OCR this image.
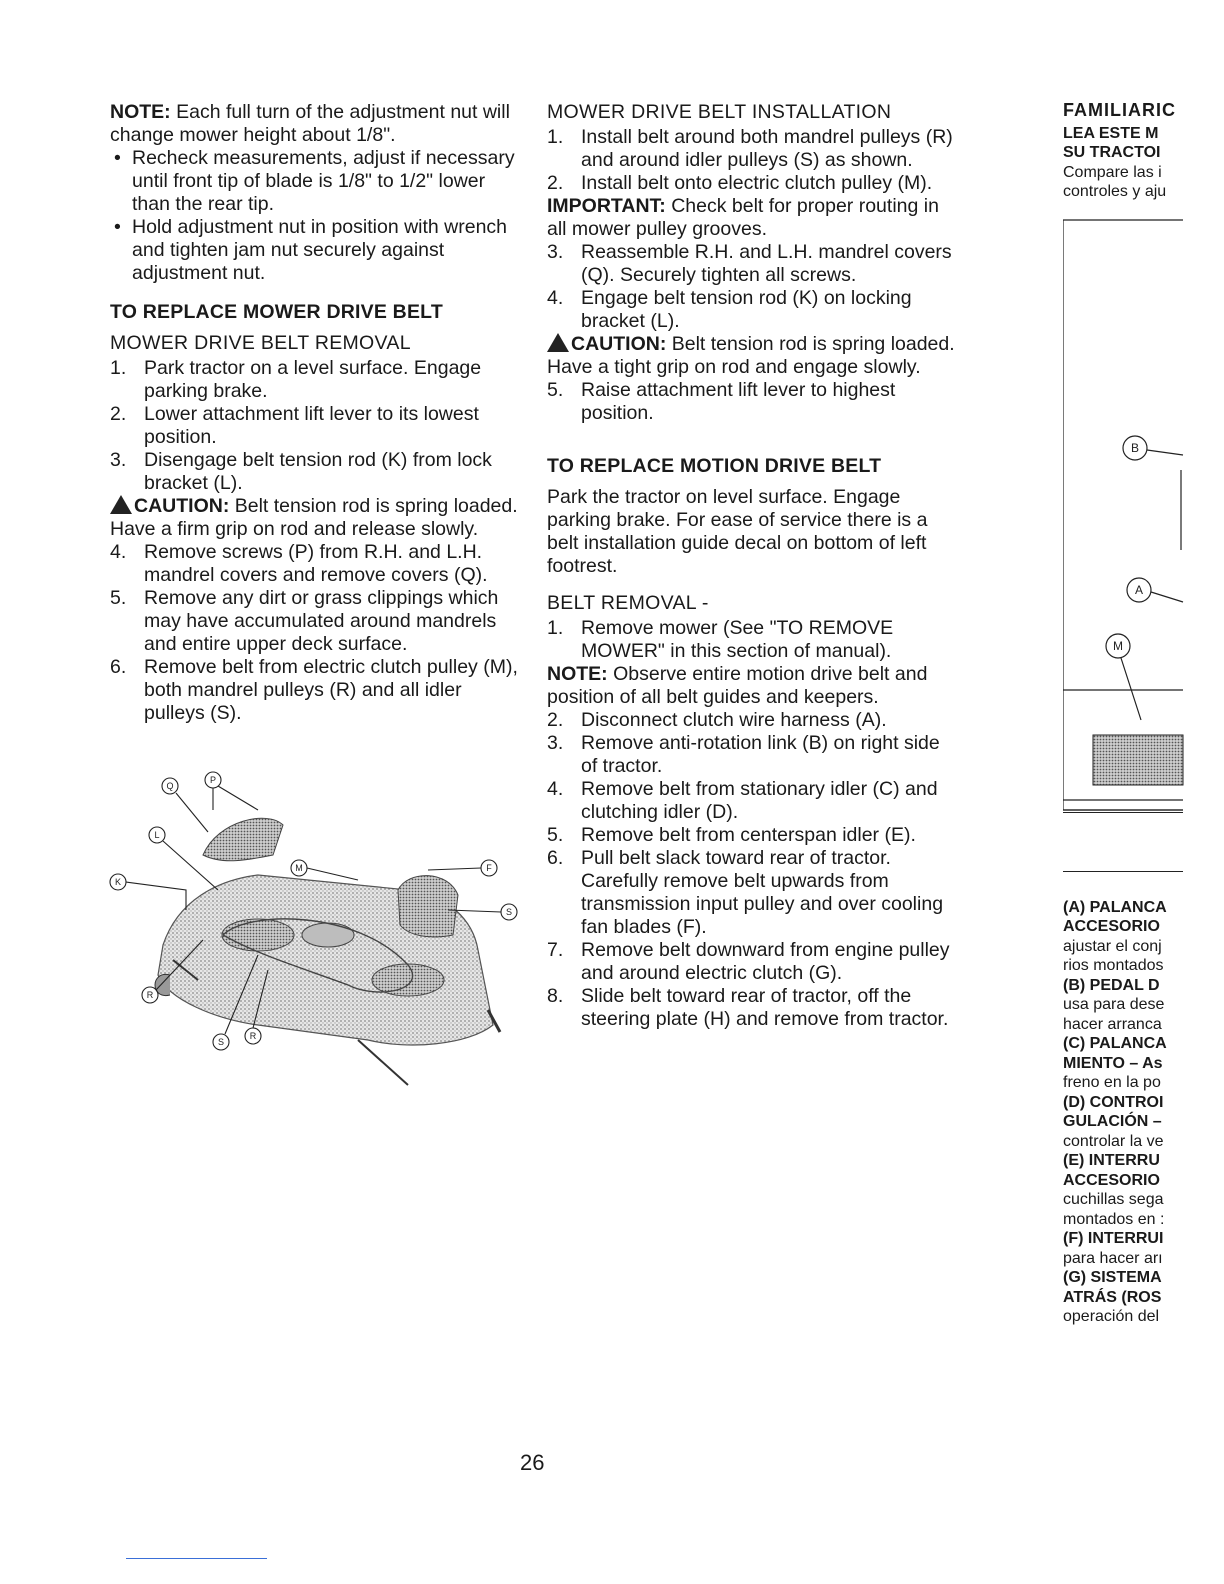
NOTE: Each full turn of the adjustment nut will change mower height about 1/8".

• Recheck measurements, adjust if necessary until front tip of blade is 1/8" to 1/2" lower than the rear tip.
• Hold adjustment nut in position with wrench and tighten jam nut securely against adjustment nut.
TO REPLACE MOWER DRIVE BELT

MOWER DRIVE BELT REMOVAL

1. Park tractor on a level surface. Engage parking brake.
2. Lower attachment lift lever to its lowest position.
3. Disengage belt tension rod (K) from lock bracket (L).

CAUTION: Belt tension rod is spring loaded. Have a firm grip on rod and release slowly.

4. Remove screws (P) from R.H. and L.H. mandrel covers and remove covers (Q).
5. Remove any dirt or grass clippings which may have accumulated around mandrels and entire upper deck surface.
6. Remove belt from electric clutch pulley (M), both mandrel pulleys (R) and all idler pulleys (S).
Q
P
L
K
M	F
S
R
S
R

MOWER DRIVE BELT INSTALLATION

1. Install belt around both mandrel pulleys (R) and around idler pulleys (S) as shown.
2. Install belt onto electric clutch pulley (M).

IMPORTANT: Check belt for proper routing in all mower pulley grooves.

3. Reassemble R.H. and L.H. mandrel covers (Q). Securely tighten all screws.
4. Engage belt tension rod (K) on locking bracket (L).

CAUTION: Belt tension rod is spring loaded. Have a tight grip on rod and engage slowly.

5. Raise attachment lift lever to highest position.
TO REPLACE MOTION DRIVE BELT

Park the tractor on level surface. Engage parking brake. For ease of service there is a belt installation guide decal on bottom of left footrest.

BELT REMOVAL -

1. Remove mower (See "TO REMOVE MOWER" in this section of manual).

NOTE: Observe entire motion drive belt and position of all belt guides and keepers.

2. Disconnect clutch wire harness (A).
3. Remove anti-rotation link (B) on right side of tractor.
4. Remove belt from stationary idler (C) and clutching idler (D).
5. Remove belt from centerspan idler (E).
6. Pull belt slack toward rear of tractor. Carefully remove belt upwards from transmission input pulley and over cooling fan blades (F).
7. Remove belt downward from engine pulley and around electric clutch (G).
8. Slide belt toward rear of tractor, off the steering plate (H) and remove from tractor.
FAMILIARIC
LEA ESTE M
SU TRACTOI
Compare las i
controles y aju
B
A
M
(A) PALANCA
ACCESORIO
ajustar el conj
rios montados
(B) PEDAL D
usa para dese
hacer arranca
(C) PALANCA
MIENTO – As
freno en la po
(D) CONTROI
GULACIÓN –
controlar la ve
(E) INTERRU
ACCESORIO
cuchillas sega
montados en :
(F) INTERRUI
para hacer arı
(G) SISTEMA
ATRÁS (ROS
operación del
26
